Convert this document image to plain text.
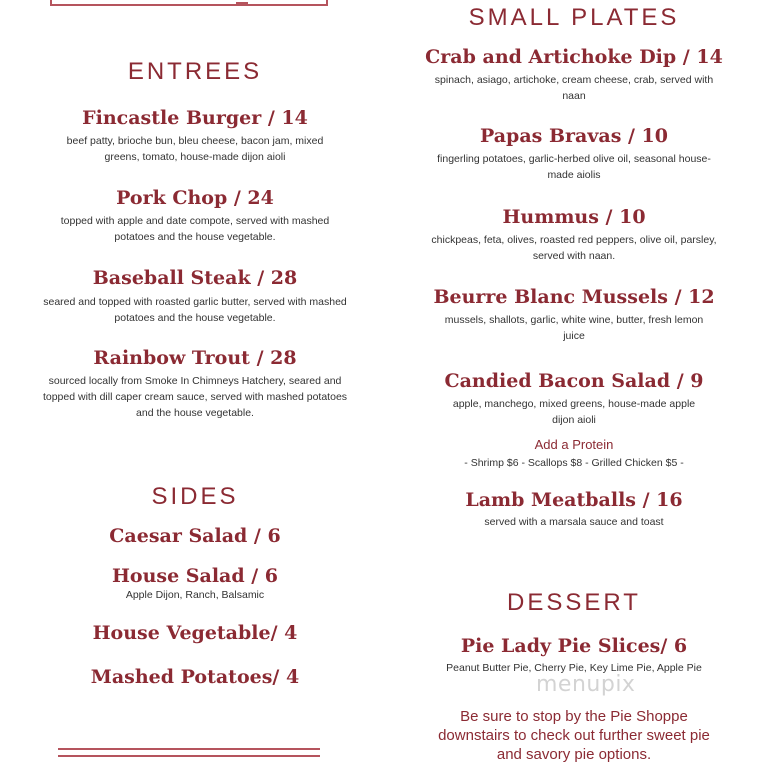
ENTREES
Fincastle Burger / 14
beef patty, brioche bun, bleu cheese, bacon jam, mixed greens, tomato, house-made dijon aioli
Pork Chop / 24
topped with apple and date compote, served with mashed potatoes and the house vegetable.
Baseball Steak / 28
seared and topped with roasted garlic butter, served with mashed potatoes and the house vegetable.
Rainbow Trout / 28
sourced locally from Smoke In Chimneys Hatchery, seared and topped with dill caper cream sauce, served with mashed potatoes and the house vegetable.
SIDES
Caesar Salad / 6
House Salad / 6
Apple Dijon, Ranch, Balsamic
House Vegetable/ 4
Mashed Potatoes/ 4
SMALL PLATES
Crab and Artichoke Dip / 14
spinach, asiago, artichoke, cream cheese, crab, served with naan
Papas Bravas / 10
fingerling potatoes, garlic-herbed olive oil, seasonal house-made aiolis
Hummus / 10
chickpeas, feta, olives, roasted red peppers, olive oil, parsley, served with naan.
Beurre Blanc Mussels / 12
mussels, shallots, garlic, white wine, butter, fresh lemon juice
Candied Bacon Salad / 9
apple, manchego, mixed greens, house-made apple dijon aioli
Add a Protein
- Shrimp $6 - Scallops $8 - Grilled Chicken $5 -
Lamb Meatballs / 16
served with a marsala sauce and toast
DESSERT
Pie Lady Pie Slices/ 6
Peanut Butter Pie, Cherry Pie, Key Lime Pie, Apple Pie
Be sure to stop by the Pie Shoppe downstairs to check out further sweet pie and savory pie options.
menupix
